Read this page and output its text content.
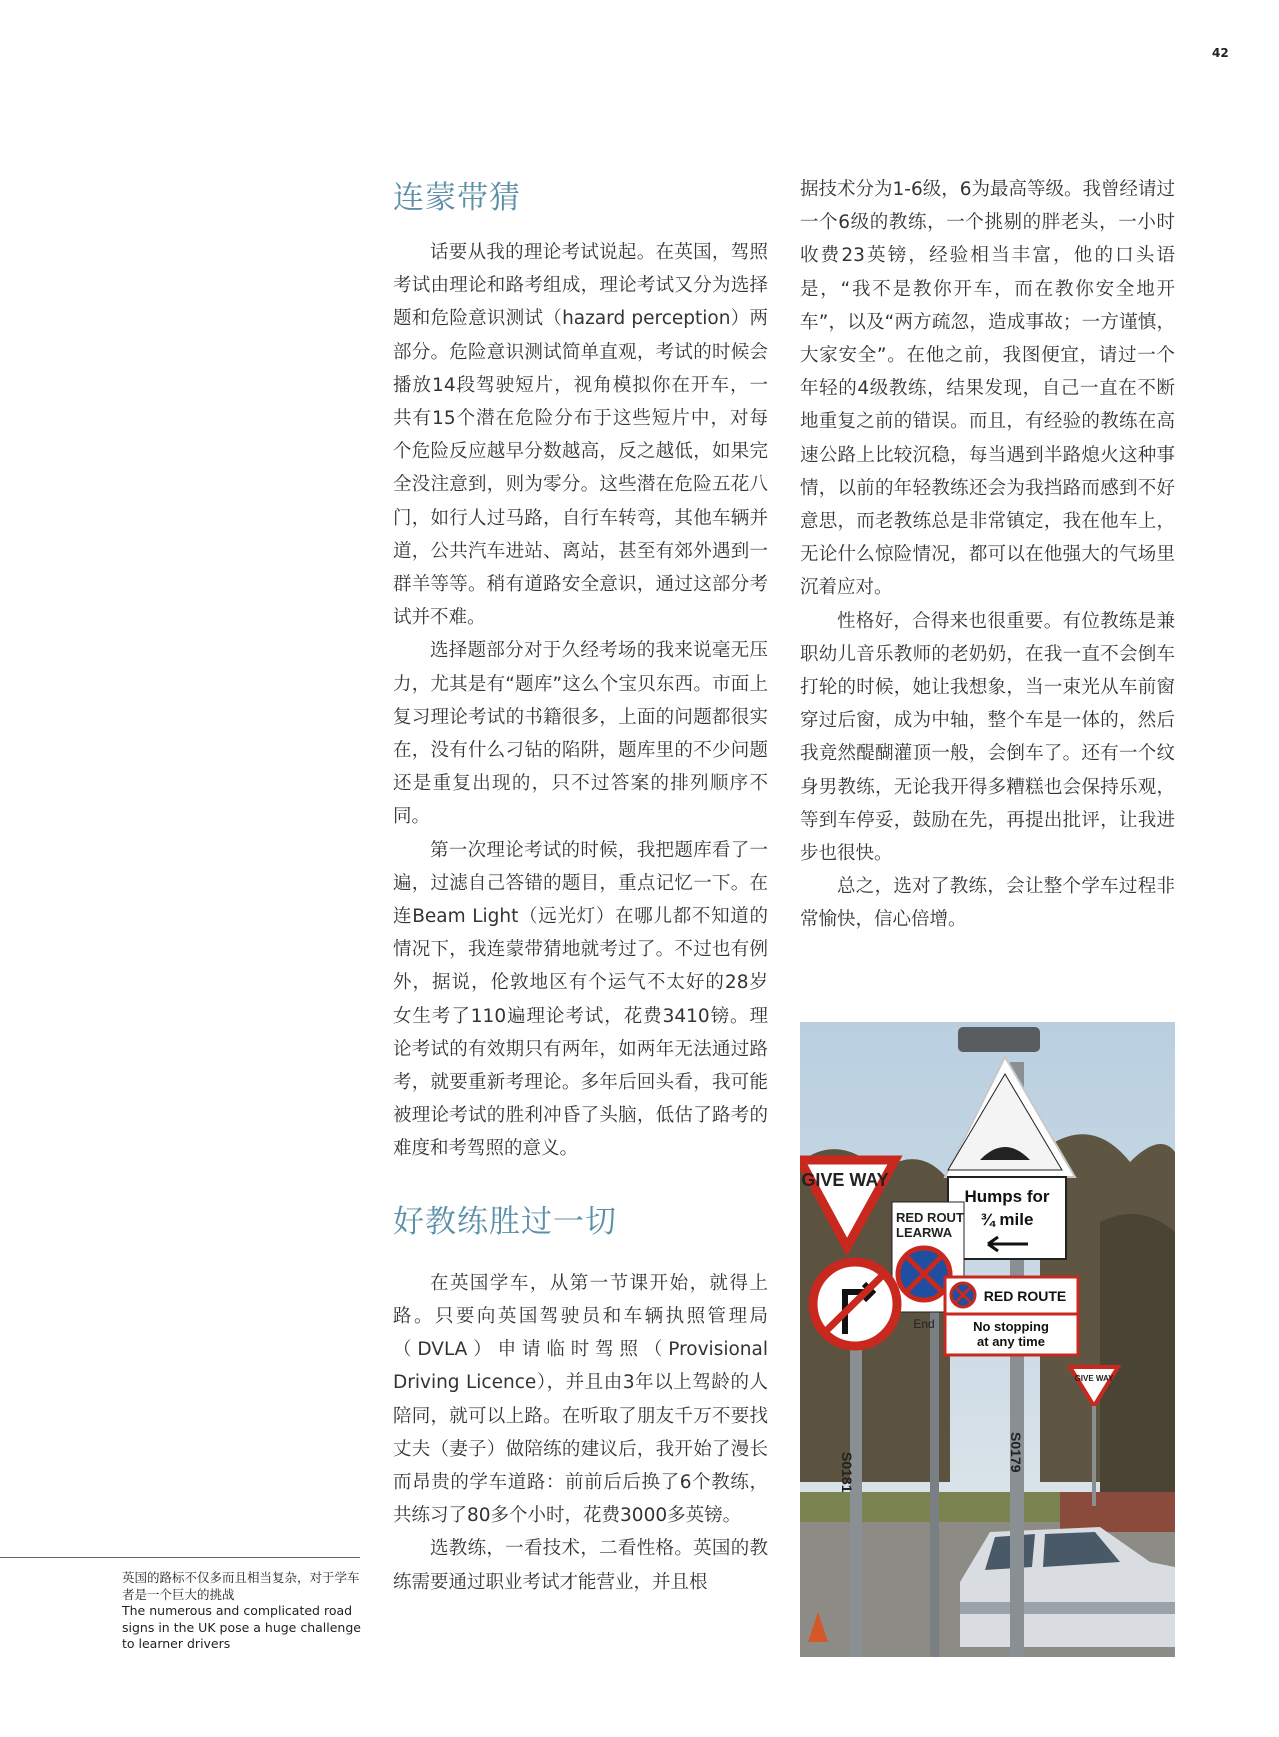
42
连蒙带猜

话要从我的理论考试说起。在英国，驾照考试由理论和路考组成，理论考试又分为选择题和危险意识测试（hazard perception）两部分。危险意识测试简单直观，考试的时候会播放14段驾驶短片，视角模拟你在开车，一共有15个潜在危险分布于这些短片中，对每个危险反应越早分数越高，反之越低，如果完全没注意到，则为零分。这些潜在危险五花八门，如行人过马路，自行车转弯，其他车辆并道，公共汽车进站、离站，甚至有郊外遇到一群羊等等。稍有道路安全意识，通过这部分考试并不难。

选择题部分对于久经考场的我来说毫无压力，尤其是有“题库”这么个宝贝东西。市面上复习理论考试的书籍很多，上面的问题都很实在，没有什么刁钻的陷阱，题库里的不少问题还是重复出现的，只不过答案的排列顺序不同。

第一次理论考试的时候，我把题库看了一遍，过滤自己答错的题目，重点记忆一下。在连Beam Light（远光灯）在哪儿都不知道的情况下，我连蒙带猜地就考过了。不过也有例外，据说，伦敦地区有个运气不太好的28岁女生考了110遍理论考试，花费3410镑。理论考试的有效期只有两年，如两年无法通过路考，就要重新考理论。多年后回头看，我可能被理论考试的胜利冲昏了头脑，低估了路考的难度和考驾照的意义。

好教练胜过一切

在英国学车，从第一节课开始，就得上路。只要向英国驾驶员和车辆执照管理局（DVLA）申请临时驾照（Provisional Driving Licence），并且由3年以上驾龄的人陪同，就可以上路。在听取了朋友千万不要找丈夫（妻子）做陪练的建议后，我开始了漫长而昂贵的学车道路：前前后后换了6个教练，共练习了80多个小时，花费3000多英镑。

选教练，一看技术，二看性格。英国的教练需要通过职业考试才能营业，并且根

据技术分为1-6级，6为最高等级。我曾经请过一个6级的教练，一个挑剔的胖老头，一小时收费23英镑，经验相当丰富，他的口头语是，“我不是教你开车，而在教你安全地开车”，以及“两方疏忽，造成事故；一方谨慎，大家安全”。在他之前，我图便宜，请过一个年轻的4级教练，结果发现，自己一直在不断地重复之前的错误。而且，有经验的教练在高速公路上比较沉稳，每当遇到半路熄火这种事情，以前的年轻教练还会为我挡路而感到不好意思，而老教练总是非常镇定，我在他车上，无论什么惊险情况，都可以在他强大的气场里沉着应对。

性格好，合得来也很重要。有位教练是兼职幼儿音乐教师的老奶奶，在我一直不会倒车打轮的时候，她让我想象，当一束光从车前窗穿过后窗，成为中轴，整个车是一体的，然后我竟然醍醐灌顶一般，会倒车了。还有一个纹身男教练，无论我开得多糟糕也会保持乐观，等到车停妥，鼓励在先，再提出批评，让我进步也很快。

总之，选对了教练，会让整个学车过程非常愉快，信心倍增。

Humps for
¾ mile
GIVE WAY
RED ROUT
LEARWA
End
RED ROUTE
No stopping
at any time
GIVE WAY
S0181	S0179
英国的路标不仅多而且相当复杂，对于学车者是一个巨大的挑战
The numerous and complicated road signs in the UK pose a huge challenge to learner drivers
